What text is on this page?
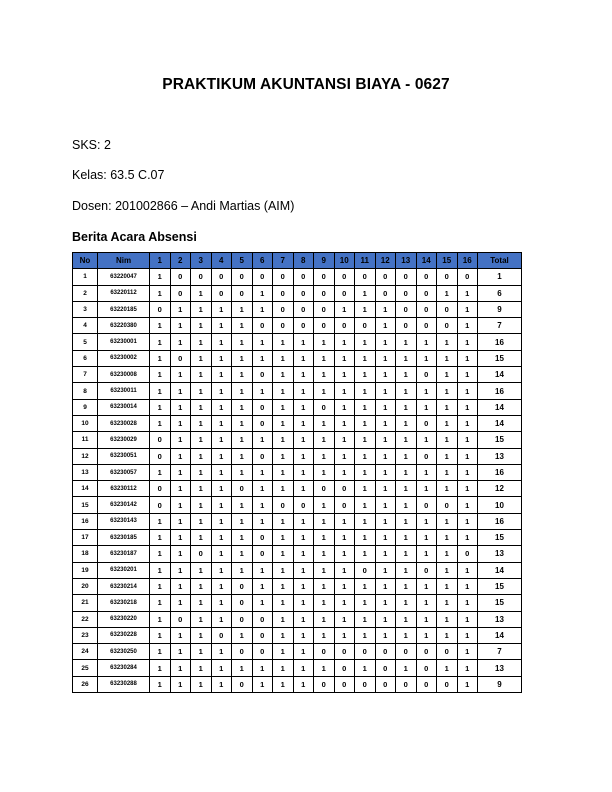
PRAKTIKUM AKUNTANSI BIAYA - 0627
SKS: 2
Kelas: 63.5 C.07
Dosen: 201002866 – Andi Martias (AIM)
Berita Acara Absensi
No	Nim	1	2	3	4	5	6	7	8	9	10	11	12	13	14	15	16	Total
1	63220047	1	0	0	0	0	0	0	0	0	0	0	0	0	0	0	0	1
2	63220112	1	0	1	0	0	1	0	0	0	0	1	0	0	0	1	1	6
3	63220185	0	1	1	1	1	1	0	0	0	1	1	1	0	0	0	1	9
4	63220380	1	1	1	1	1	0	0	0	0	0	0	1	0	0	0	1	7
5	63230001	1	1	1	1	1	1	1	1	1	1	1	1	1	1	1	1	16
6	63230002	1	0	1	1	1	1	1	1	1	1	1	1	1	1	1	1	15
7	63230008	1	1	1	1	1	0	1	1	1	1	1	1	1	0	1	1	14
8	63230011	1	1	1	1	1	1	1	1	1	1	1	1	1	1	1	1	16
9	63230014	1	1	1	1	1	0	1	1	0	1	1	1	1	1	1	1	14
10	63230028	1	1	1	1	1	0	1	1	1	1	1	1	1	0	1	1	14
11	63230029	0	1	1	1	1	1	1	1	1	1	1	1	1	1	1	1	15
12	63230051	0	1	1	1	1	0	1	1	1	1	1	1	1	0	1	1	13
13	63230057	1	1	1	1	1	1	1	1	1	1	1	1	1	1	1	1	16
14	63230112	0	1	1	1	0	1	1	1	0	0	1	1	1	1	1	1	12
15	63230142	0	1	1	1	1	1	0	0	1	0	1	1	1	0	0	1	10
16	63230143	1	1	1	1	1	1	1	1	1	1	1	1	1	1	1	1	16
17	63230185	1	1	1	1	1	0	1	1	1	1	1	1	1	1	1	1	15
18	63230187	1	1	0	1	1	0	1	1	1	1	1	1	1	1	1	0	13
19	63230201	1	1	1	1	1	1	1	1	1	1	0	1	1	0	1	1	14
20	63230214	1	1	1	1	0	1	1	1	1	1	1	1	1	1	1	1	15
21	63230218	1	1	1	1	0	1	1	1	1	1	1	1	1	1	1	1	15
22	63230220	1	0	1	1	0	0	1	1	1	1	1	1	1	1	1	1	13
23	63230228	1	1	1	0	1	0	1	1	1	1	1	1	1	1	1	1	14
24	63230250	1	1	1	1	0	0	1	1	0	0	0	0	0	0	0	1	7
25	63230284	1	1	1	1	1	1	1	1	1	0	1	0	1	0	1	1	13
26	63230288	1	1	1	1	0	1	1	1	0	0	0	0	0	0	0	1	9
